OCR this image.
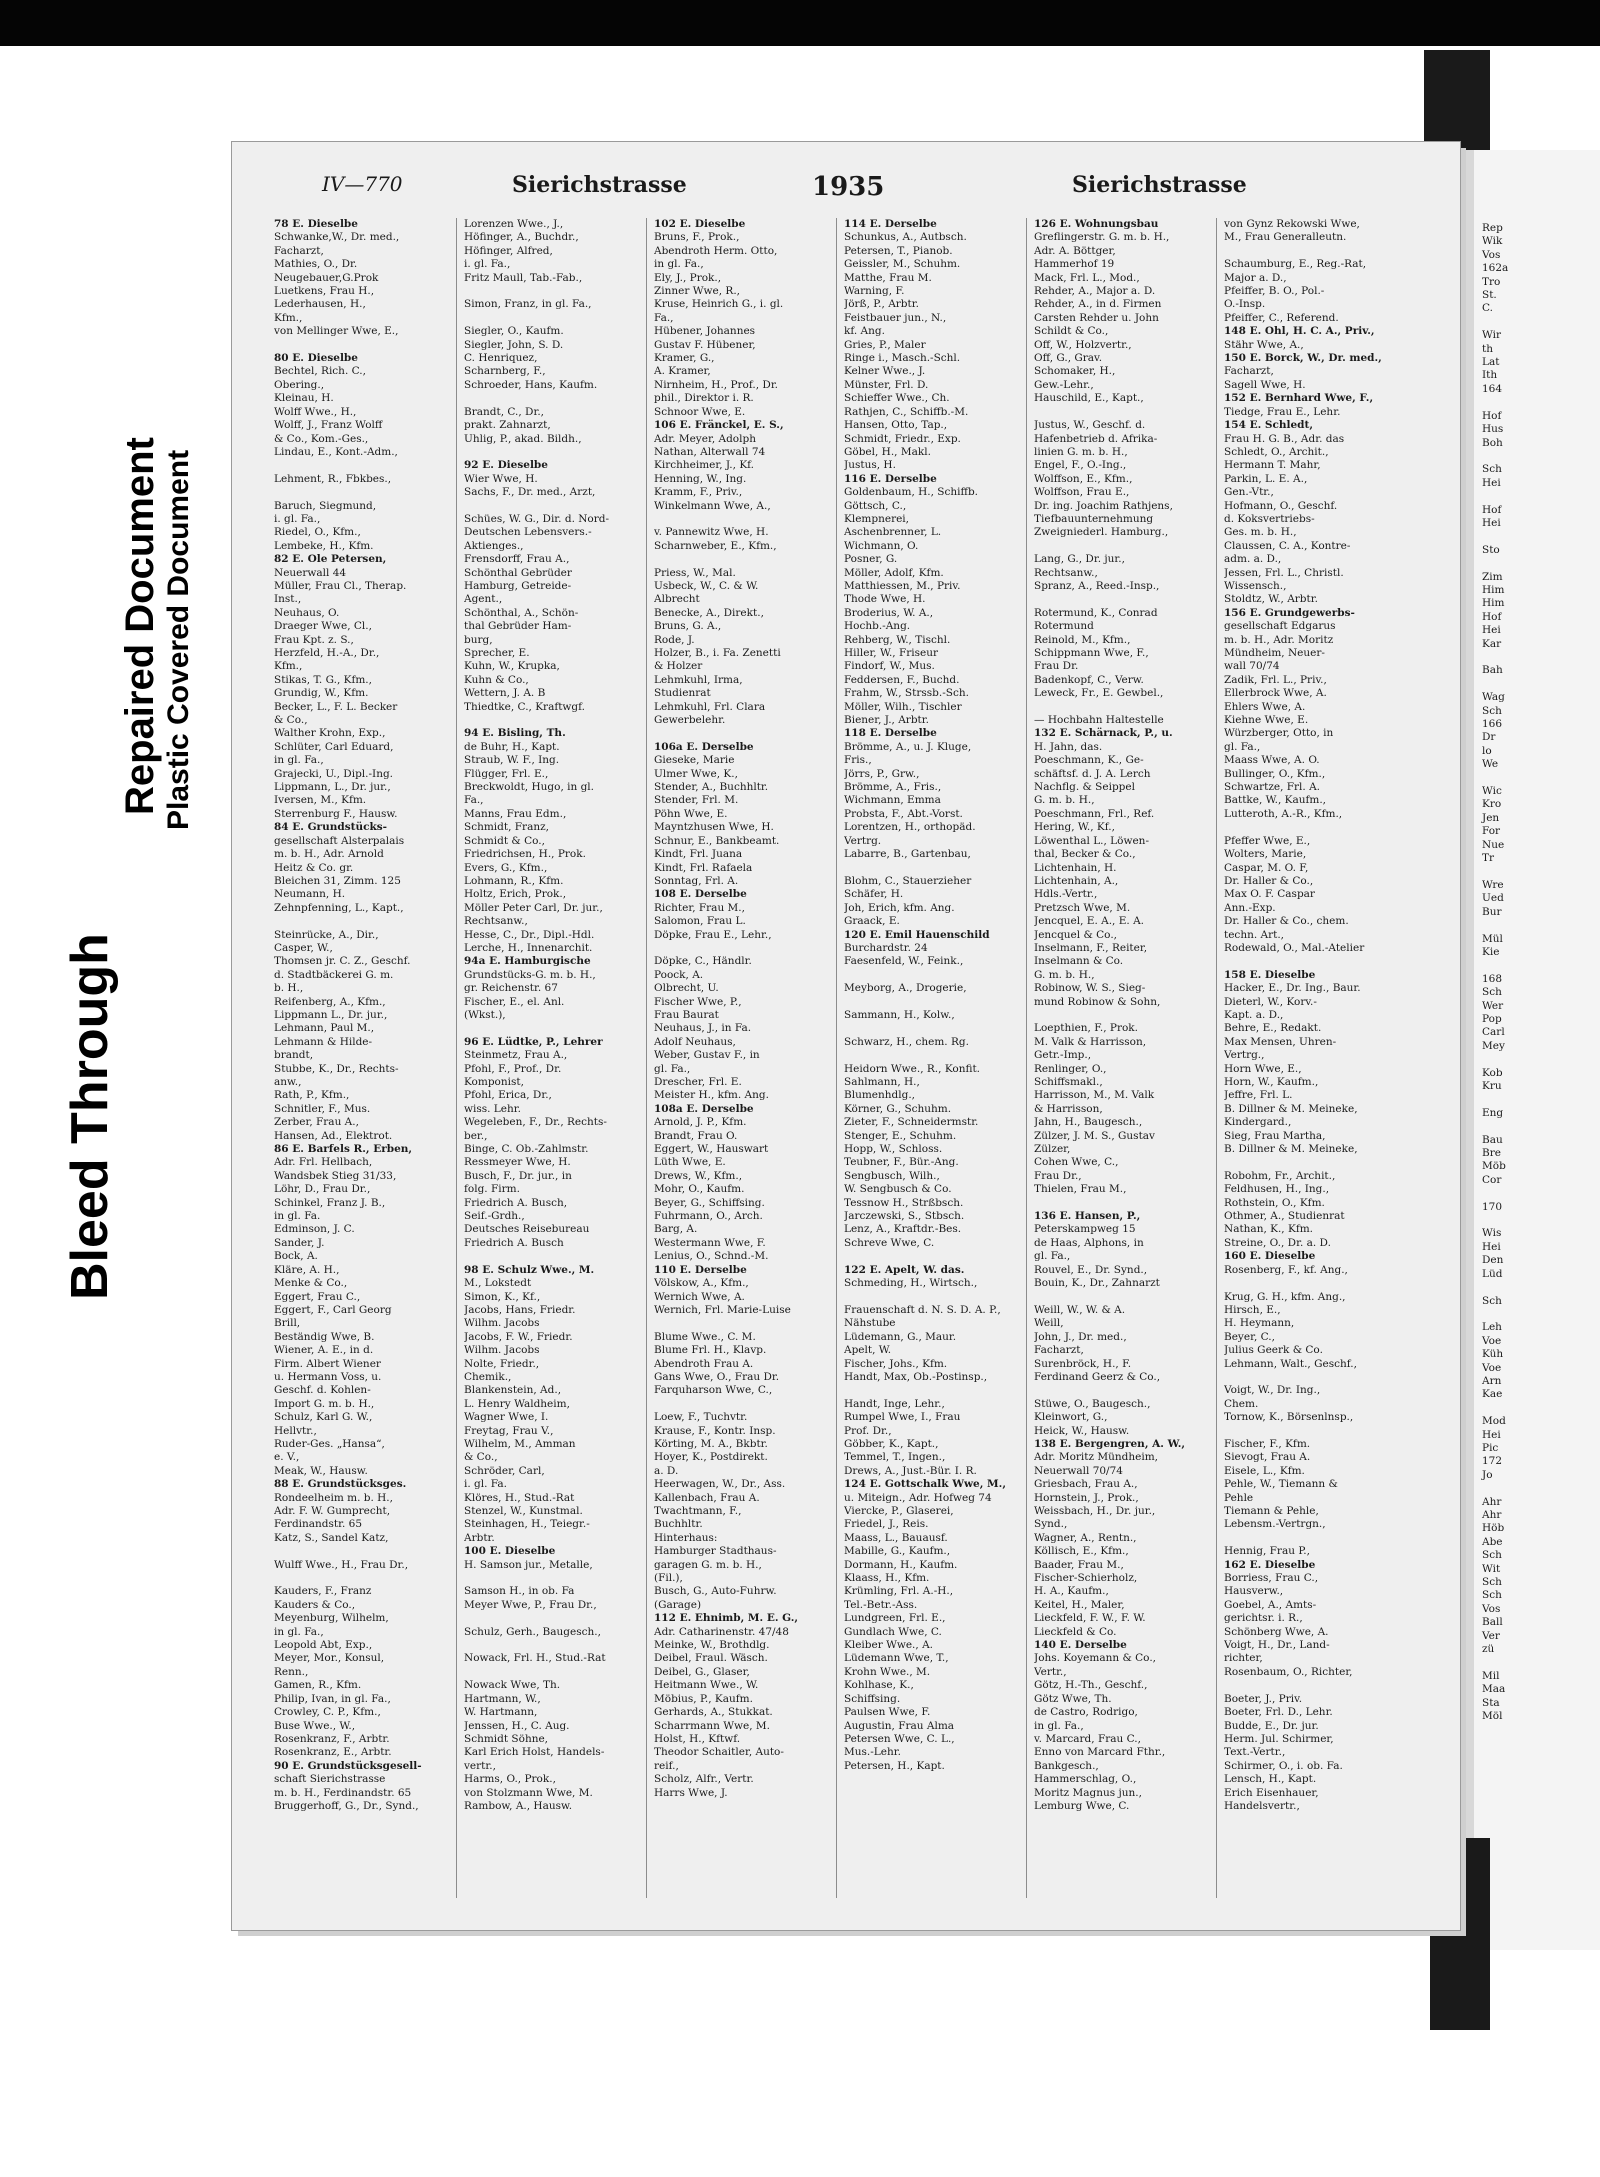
Bleed Through
Repaired Document Plastic Covered Document
Rep
Wik
Vos
162a
Tro
St.
C.

Wir
th
Lat
Ith
164

Hof
Hus
Boh

Sch
Hei

Hof
Hei

Sto

Zim
Him
Him
Hof
Hei
Kar

Bah

Wag
Sch
166
Dr
lo
We

Wic
Kro
Jen
For
Nue
Tr

Wre
Ued
Bur

Mül
Kie

168
Sch
Wer
Pop
Carl
Mey

Kob
Kru

Eng

Bau
Bre
Möb
Cor

170

Wis
Hei
Den
Lüd

Sch

Leh
Voe
Küh
Voe
Arn
Kae

Mod
Hei
Pic
172
Jo

Ahr
Ahr
Höb
Abe
Sch
Wit
Sch
Sch
Vos
Ball
Ver
zü

Mil
Maa
Sta
Möl
IV—770	Sierichstrasse	1935	Sierichstrasse
78 E. Dieselbe
Schwanke,W., Dr. med.,
Facharzt,
Mathies, O., Dr.
Neugebauer,G.Prok
Luetkens, Frau H.,
Lederhausen, H.,
Kfm.,
von Mellinger Wwe, E.,

80 E. Dieselbe
Bechtel, Rich. C.,
Obering.,
Kleinau, H.
Wolff Wwe., H.,
Wolff, J., Franz Wolff
& Co., Kom.-Ges.,
Lindau, E., Kont.-Adm.,

Lehment, R., Fbkbes.,

Baruch, Siegmund,
i. gl. Fa.,
Riedel, O., Kfm.,
Lembeke, H., Kfm.
82 E. Ole Petersen,
Neuerwall 44
Müller, Frau Cl., Therap.
Inst.,
Neuhaus, O.
Draeger Wwe, Cl.,
Frau Kpt. z. S.,
Herzfeld, H.-A., Dr.,
Kfm.,
Stikas, T. G., Kfm.,
Grundig, W., Kfm.
Becker, L., F. L. Becker
& Co.,
Walther Krohn, Exp.,
Schlüter, Carl Eduard,
in gl. Fa.,
Grajecki, U., Dipl.-Ing.
Lippmann, L., Dr. jur.,
Iversen, M., Kfm.
Sterrenburg F., Hausw.
84 E. Grundstücks-
gesellschaft Alsterpalais
m. b. H., Adr. Arnold
Heitz & Co. gr.
Bleichen 31, Zimm. 125
Neumann, H.
Zehnpfenning, L., Kapt.,

Steinrücke, A., Dir.,
Casper, W.,
Thomsen jr. C. Z., Geschf.
d. Stadtbäckerei G. m.
b. H.,
Reifenberg, A., Kfm.,
Lippmann L., Dr. jur.,
Lehmann, Paul M.,
Lehmann & Hilde-
brandt,
Stubbe, K., Dr., Rechts-
anw.,
Rath, P., Kfm.,
Schnitler, F., Mus.
Zerber, Frau A.,
Hansen, Ad., Elektrot.
86 E. Barfels R., Erben,
Adr. Frl. Hellbach,
Wandsbek Stieg 31/33,
Löhr, D., Frau Dr.,
Schinkel, Franz J. B.,
in gl. Fa.
Edminson, J. C.
Sander, J.
Bock, A.
Kläre, A. H.,
Menke & Co.,
Eggert, Frau C.,
Eggert, F., Carl Georg
Brill,
Beständig Wwe, B.
Wiener, A. E., in d.
Firm. Albert Wiener
u. Hermann Voss, u.
Geschf. d. Kohlen-
Import G. m. b. H.,
Schulz, Karl G. W.,
Hellvtr.,
Ruder-Ges. „Hansa“,
e. V.,
Meak, W., Hausw.
88 E. Grundstücksges.
Rondeelheim m. b. H.,
Adr. F. W. Gumprecht,
Ferdinandstr. 65
Katz, S., Sandel Katz,

Wulff Wwe., H., Frau Dr.,

Kauders, F., Franz
Kauders & Co.,
Meyenburg, Wilhelm,
in gl. Fa.,
Leopold Abt, Exp.,
Meyer, Mor., Konsul,
Renn.,
Gamen, R., Kfm.
Philip, Ivan, in gl. Fa.,
Crowley, C. P., Kfm.,
Buse Wwe., W.,
Rosenkranz, F., Arbtr.
Rosenkranz, E., Arbtr.
90 E. Grundstücksgesell-
schaft Sierichstrasse
m. b. H., Ferdinandstr. 65
Bruggerhoff, G., Dr., Synd.,
Lorenzen Wwe., J.,
Höfinger, A., Buchdr.,
Höfinger, Alfred,
i. gl. Fa.,
Fritz Maull, Tab.-Fab.,

Simon, Franz, in gl. Fa.,

Siegler, O., Kaufm.
Siegler, John, S. D.
C. Henriquez,
Scharnberg, F.,
Schroeder, Hans, Kaufm.

Brandt, C., Dr.,
prakt. Zahnarzt,
Uhlig, P., akad. Bildh.,

92 E. Dieselbe
Wier Wwe, H.
Sachs, F., Dr. med., Arzt,

Schües, W. G., Dir. d. Nord-
Deutschen Lebensvers.-
Aktienges.,
Frensdorff, Frau A.,
Schönthal Gebrüder
Hamburg, Getreide-
Agent.,
Schönthal, A., Schön-
thal Gebrüder Ham-
burg,
Sprecher, E.
Kuhn, W., Krupka,
Kuhn & Co.,
Wettern, J. A. B
Thiedtke, C., Kraftwgf.

94 E. Bisling, Th.
de Buhr, H., Kapt.
Straub, W. F., Ing.
Flügger, Frl. E.,
Breckwoldt, Hugo, in gl.
Fa.,
Manns, Frau Edm.,
Schmidt, Franz,
Schmidt & Co.,
Friedrichsen, H., Prok.
Evers, G., Kfm.,
Lohmann, R., Kfm.
Holtz, Erich, Prok.,
Möller Peter Carl, Dr. jur.,
Rechtsanw.,
Hesse, C., Dr., Dipl.-Hdl.
Lerche, H., Innenarchit.
94a E. Hamburgische
Grundstücks-G. m. b. H.,
gr. Reichenstr. 67
Fischer, E., el. Anl.
(Wkst.),

96 E. Lüdtke, P., Lehrer
Steinmetz, Frau A.,
Pfohl, F., Prof., Dr.
Komponist,
Pfohl, Erica, Dr.,
wiss. Lehr.
Wegeleben, F., Dr., Rechts-
ber.,
Binge, C. Ob.-Zahlmstr.
Ressmeyer Wwe, H.
Busch, F., Dr. jur., in
folg. Firm.
Friedrich A. Busch,
Seif.-Grdh.,
Deutsches Reisebureau
Friedrich A. Busch

98 E. Schulz Wwe., M.
M., Lokstedt
Simon, K., Kf.,
Jacobs, Hans, Friedr.
Wilhm. Jacobs
Jacobs, F. W., Friedr.
Wilhm. Jacobs
Nolte, Friedr.,
Chemik.,
Blankenstein, Ad.,
L. Henry Waldheim,
Wagner Wwe, I.
Freytag, Frau V.,
Wilhelm, M., Amman
& Co.,
Schröder, Carl,
i. gl. Fa.
Klöres, H., Stud.-Rat
Stenzel, W., Kunstmal.
Steinhagen, H., Teiegr.-
Arbtr.
100 E. Dieselbe
H. Samson jur., Metalle,

Samson H., in ob. Fa
Meyer Wwe, P., Frau Dr.,

Schulz, Gerh., Baugesch.,

Nowack, Frl. H., Stud.-Rat

Nowack Wwe, Th.
Hartmann, W.,
W. Hartmann,
Jenssen, H., C. Aug.
Schmidt Söhne,
Karl Erich Holst, Handels-
vertr.,
Harms, O., Prok.,
von Stolzmann Wwe, M.
Rambow, A., Hausw.
102 E. Dieselbe
Bruns, F., Prok.,
Abendroth Herm. Otto,
in gl. Fa.,
Ely, J., Prok.,
Zinner Wwe, R.,
Kruse, Heinrich G., i. gl.
Fa.,
Hübener, Johannes
Gustav F. Hübener,
Kramer, G.,
A. Kramer,
Nirnheim, H., Prof., Dr.
phil., Direktor i. R.
Schnoor Wwe, E.
106 E. Fränckel, E. S.,
Adr. Meyer, Adolph
Nathan, Alterwall 74
Kirchheimer, J., Kf.
Henning, W., Ing.
Kramm, F., Priv.,
Winkelmann Wwe, A.,

v. Pannewitz Wwe, H.
Scharnweber, E., Kfm.,

Priess, W., Mal.
Usbeck, W., C. & W.
Albrecht
Benecke, A., Direkt.,
Bruns, G. A.,
Rode, J.
Holzer, B., i. Fa. Zenetti
& Holzer
Lehmkuhl, Irma,
Studienrat
Lehmkuhl, Frl. Clara
Gewerbelehr.

106a E. Derselbe
Gieseke, Marie
Ulmer Wwe, K.,
Stender, A., Buchhltr.
Stender, Frl. M.
Pöhn Wwe, E.
Mayntzhusen Wwe, H.
Schnur, E., Bankbeamt.
Kindt, Frl. Juana
Kindt, Frl. Rafaela
Sonntag, Frl. A.
108 E. Derselbe
Richter, Frau M.,
Salomon, Frau L.
Döpke, Frau E., Lehr.,

Döpke, C., Händlr.
Poock, A.
Olbrecht, U.
Fischer Wwe, P.,
Frau Baurat
Neuhaus, J., in Fa.
Adolf Neuhaus,
Weber, Gustav F., in
gl. Fa.,
Drescher, Frl. E.
Meister H., kfm. Ang.
108a E. Derselbe
Arnold, J. P., Kfm.
Brandt, Frau O.
Eggert, W., Hauswart
Lüth Wwe, E.
Drews, W., Kfm.,
Mohr, O., Kaufm.
Beyer, G., Schiffsing.
Fuhrmann, O., Arch.
Barg, A.
Westermann Wwe, F.
Lenius, O., Schnd.-M.
110 E. Derselbe
Völskow, A., Kfm.,
Wernich Wwe, A.
Wernich, Frl. Marie-Luise

Blume Wwe., C. M.
Blume Frl. H., Klavp.
Abendroth Frau A.
Gans Wwe, O., Frau Dr.
Farquharson Wwe, C.,

Loew, F., Tuchvtr.
Krause, F., Kontr. Insp.
Körting, M. A., Bkbtr.
Hoyer, K., Postdirekt.
a. D.
Heerwagen, W., Dr., Ass.
Kallenbach, Frau A.
Twachtmann, F.,
Buchhltr.
Hinterhaus:
Hamburger Stadthaus-
garagen G. m. b. H.,
(Fil.),
Busch, G., Auto-Fuhrw.
(Garage)
112 E. Ehnimb, M. E. G.,
Adr. Catharinenstr. 47/48
Meinke, W., Brothdlg.
Deibel, Fraul. Wäsch.
Deibel, G., Glaser,
Heitmann Wwe., W.
Möbius, P., Kaufm.
Gerhards, A., Stukkat.
Scharrmann Wwe, M.
Holst, H., Kftwf.
Theodor Schaitler, Auto-
reif.,
Scholz, Alfr., Vertr.
Harrs Wwe, J.
114 E. Derselbe
Schunkus, A., Autbsch.
Petersen, T., Pianob.
Geissler, M., Schuhm.
Matthe, Frau M.
Warning, F.
Jörß, P., Arbtr.
Feistbauer jun., N.,
kf. Ang.
Gries, P., Maler
Ringe i., Masch.-Schl.
Kelner Wwe., J.
Münster, Frl. D.
Schieffer Wwe., Ch.
Rathjen, C., Schiffb.-M.
Hansen, Otto, Tap.,
Schmidt, Friedr., Exp.
Göbel, H., Makl.
Justus, H.
116 E. Derselbe
Goldenbaum, H., Schiffb.
Göttsch, C.,
Klempnerei,
Aschenbrenner, L.
Wichmann, O.
Posner, G.
Möller, Adolf, Kfm.
Matthiessen, M., Priv.
Thode Wwe, H.
Broderius, W. A.,
Hochb.-Ang.
Rehberg, W., Tischl.
Hiller, W., Friseur
Findorf, W., Mus.
Feddersen, F., Buchd.
Frahm, W., Strssb.-Sch.
Möller, Wilh., Tischler
Biener, J., Arbtr.
118 E. Derselbe
Brömme, A., u. J. Kluge,
Fris.,
Jörrs, P., Grw.,
Brömme, A., Fris.,
Wichmann, Emma
Probsta, F., Abt.-Vorst.
Lorentzen, H., orthopäd.
Vertrg.
Labarre, B., Gartenbau,

Blohm, C., Stauerzieher
Schäfer, H.
Joh, Erich, kfm. Ang.
Graack, E.
120 E. Emil Hauenschild
Burchardstr. 24
Faesenfeld, W., Feink.,

Meyborg, A., Drogerie,

Sammann, H., Kolw.,

Schwarz, H., chem. Rg.

Heidorn Wwe., R., Konfit.
Sahlmann, H.,
Blumenhdlg.,
Körner, G., Schuhm.
Zieter, F., Schneidermstr.
Stenger, E., Schuhm.
Hopp, W., Schloss.
Teubner, F., Bür.-Ang.
Sengbusch, Wilh.,
W. Sengbusch & Co.
Tessnow H., Strßbsch.
Jarczewski, S., Stbsch.
Lenz, A., Kraftdr.-Bes.
Schreve Wwe, C.

122 E. Apelt, W. das.
Schmeding, H., Wirtsch.,

Frauenschaft d. N. S. D. A. P.,
Nähstube
Lüdemann, G., Maur.
Apelt, W.
Fischer, Johs., Kfm.
Handt, Max, Ob.-Postinsp.,

Handt, Inge, Lehr.,
Rumpel Wwe, I., Frau
Prof. Dr.,
Göbber, K., Kapt.,
Temmel, T., Ingen.,
Drews, A., Just.-Bür. I. R.
124 E. Gottschalk Wwe, M.,
u. Miteign., Adr. Hofweg 74
Viercke, P., Glaserei,
Friedel, J., Reis.
Maass, L., Bauausf.
Mabille, G., Kaufm.,
Dormann, H., Kaufm.
Klaass, H., Kfm.
Krümling, Frl. A.-H.,
Tel.-Betr.-Ass.
Lundgreen, Frl. E.,
Gundlach Wwe, C.
Kleiber Wwe., A.
Lüdemann Wwe, T.,
Krohn Wwe., M.
Kohlhase, K.,
Schiffsing.
Paulsen Wwe, F.
Augustin, Frau Alma
Petersen Wwe, C. L.,
Mus.-Lehr.
Petersen, H., Kapt.
126 E. Wohnungsbau
Greflingerstr. G. m. b. H.,
Adr. A. Böttger,
Hammerhof 19
Mack, Frl. L., Mod.,
Rehder, A., Major a. D.
Rehder, A., in d. Firmen
Carsten Rehder u. John
Schildt & Co.,
Off, W., Holzvertr.,
Off, G., Grav.
Schomaker, H.,
Gew.-Lehr.,
Hauschild, E., Kapt.,

Justus, W., Geschf. d.
Hafenbetrieb d. Afrika-
linien G. m. b. H.,
Engel, F., O.-Ing.,
Wolffson, E., Kfm.,
Wolffson, Frau E.,
Dr. ing. Joachim Rathjens,
Tiefbauunternehmung
Zweigniederl. Hamburg.,

Lang, G., Dr. jur.,
Rechtsanw.,
Spranz, A., Reed.-Insp.,

Rotermund, K., Conrad
Rotermund
Reinold, M., Kfm.,
Schippmann Wwe, F.,
Frau Dr.
Badenkopf, C., Verw.
Leweck, Fr., E. Gewbel.,

— Hochbahn Haltestelle
132 E. Schärnack, P., u.
H. Jahn, das.
Poeschmann, K., Ge-
schäftsf. d. J. A. Lerch
Nachflg. & Seippel
G. m. b. H.,
Poeschmann, Frl., Ref.
Hering, W., Kf.,
Löwenthal L., Löwen-
thal, Becker & Co.,
Lichtenhain, H.
Lichtenhain, A.,
Hdls.-Vertr.,
Pretzsch Wwe, M.
Jencquel, E. A., E. A.
Jencquel & Co.,
Inselmann, F., Reiter,
Inselmann & Co.
G. m. b. H.,
Robinow, W. S., Sieg-
mund Robinow & Sohn,

Loepthien, F., Prok.
M. Valk & Harrisson,
Getr.-Imp.,
Renlinger, O.,
Schiffsmakl.,
Harrisson, M., M. Valk
& Harrisson,
Jahn, H., Baugesch.,
Zülzer, J. M. S., Gustav
Zülzer,
Cohen Wwe, C.,
Frau Dr.,
Thielen, Frau M.,

136 E. Hansen, P.,
Peterskampweg 15
de Haas, Alphons, in
gl. Fa.,
Rouvel, E., Dr. Synd.,
Bouin, K., Dr., Zahnarzt

Weill, W., W. & A.
Weill,
John, J., Dr. med.,
Facharzt,
Surenbröck, H., F.
Ferdinand Geerz & Co.,

Stüwe, O., Baugesch.,
Kleinwort, G.,
Heick, W., Hausw.
138 E. Bergengren, A. W.,
Adr. Moritz Mündheim,
Neuerwall 70/74
Griesbach, Frau A.,
Hornstein, J., Prok.,
Weissbach, H., Dr. jur.,
Synd.,
Wagner, A., Rentn.,
Köllisch, E., Kfm.,
Baader, Frau M.,
Fischer-Schierholz,
H. A., Kaufm.,
Keitel, H., Maler,
Lieckfeld, F. W., F. W.
Lieckfeld & Co.
140 E. Derselbe
Johs. Koyemann & Co.,
Vertr.,
Götz, H.-Th., Geschf.,
Götz Wwe, Th.
de Castro, Rodrigo,
in gl. Fa.,
v. Marcard, Frau C.,
Enno von Marcard Fthr.,
Bankgesch.,
Hammerschlag, O.,
Moritz Magnus jun.,
Lemburg Wwe, C.
von Gynz Rekowski Wwe,
M., Frau Generalleutn.

Schaumburg, E., Reg.-Rat,
Major a. D.,
Pfeiffer, B. O., Pol.-
O.-Insp.
Pfeiffer, C., Referend.
148 E. Ohl, H. C. A., Priv.,
Stähr Wwe, A.,
150 E. Borck, W., Dr. med.,
Facharzt,
Sagell Wwe, H.
152 E. Bernhard Wwe, F.,
Tiedge, Frau E., Lehr.
154 E. Schledt,
Frau H. G. B., Adr. das
Schledt, O., Archit.,
Hermann T. Mahr,
Parkin, L. E. A.,
Gen.-Vtr.,
Hofmann, O., Geschf.
d. Koksvertriebs-
Ges. m. b. H.,
Claussen, C. A., Kontre-
adm. a. D.,
Jessen, Frl. L., Christl.
Wissensch.,
Stoldtz, W., Arbtr.
156 E. Grundgewerbs-
gesellschaft Edgarus
m. b. H., Adr. Moritz
Mündheim, Neuer-
wall 70/74
Zadik, Frl. L., Priv.,
Ellerbrock Wwe, A.
Ehlers Wwe, A.
Kiehne Wwe, E.
Würzberger, Otto, in
gl. Fa.,
Maass Wwe, A. O.
Bullinger, O., Kfm.,
Schwartze, Frl. A.
Battke, W., Kaufm.,
Lutteroth, A.-R., Kfm.,

Pfeffer Wwe, E.,
Wolters, Marie,
Caspar, M. O. F,
Dr. Haller & Co.,
Max O. F. Caspar
Ann.-Exp.
Dr. Haller & Co., chem.
techn. Art.,
Rodewald, O., Mal.-Atelier

158 E. Dieselbe
Hacker, E., Dr. Ing., Baur.
Dieterl, W., Korv.-
Kapt. a. D.,
Behre, E., Redakt.
Max Mensen, Uhren-
Vertrg.,
Horn Wwe, E.,
Horn, W., Kaufm.,
Jeffre, Frl. L.
B. Dillner & M. Meineke,
Kindergard.,
Sieg, Frau Martha,
B. Dillner & M. Meineke,

Robohm, Fr., Archit.,
Feldhusen, H., Ing.,
Rothstein, O., Kfm.
Othmer, A., Studienrat
Nathan, K., Kfm.
Streine, O., Dr. a. D.
160 E. Dieselbe
Rosenberg, F., kf. Ang.,

Krug, G. H., kfm. Ang.,
Hirsch, E.,
H. Heymann,
Beyer, C.,
Julius Geerk & Co.
Lehmann, Walt., Geschf.,

Voigt, W., Dr. Ing.,
Chem.
Tornow, K., Börsenlnsp.,

Fischer, F., Kfm.
Sievogt, Frau A.
Eisele, L., Kfm.
Pehle, W., Tiemann &
Pehle
Tiemann & Pehle,
Lebensm.-Vertrgn.,

Hennig, Frau P.,
162 E. Dieselbe
Borriess, Frau C.,
Hausverw.,
Goebel, A., Amts-
gerichtsr. i. R.,
Schönberg Wwe, A.
Voigt, H., Dr., Land-
richter,
Rosenbaum, O., Richter,

Boeter, J., Priv.
Boeter, Frl. D., Lehr.
Budde, E., Dr. jur.
Herm. Jul. Schirmer,
Text.-Vertr.,
Schirmer, O., i. ob. Fa.
Lensch, H., Kapt.
Erich Eisenhauer,
Handelsvertr.,
